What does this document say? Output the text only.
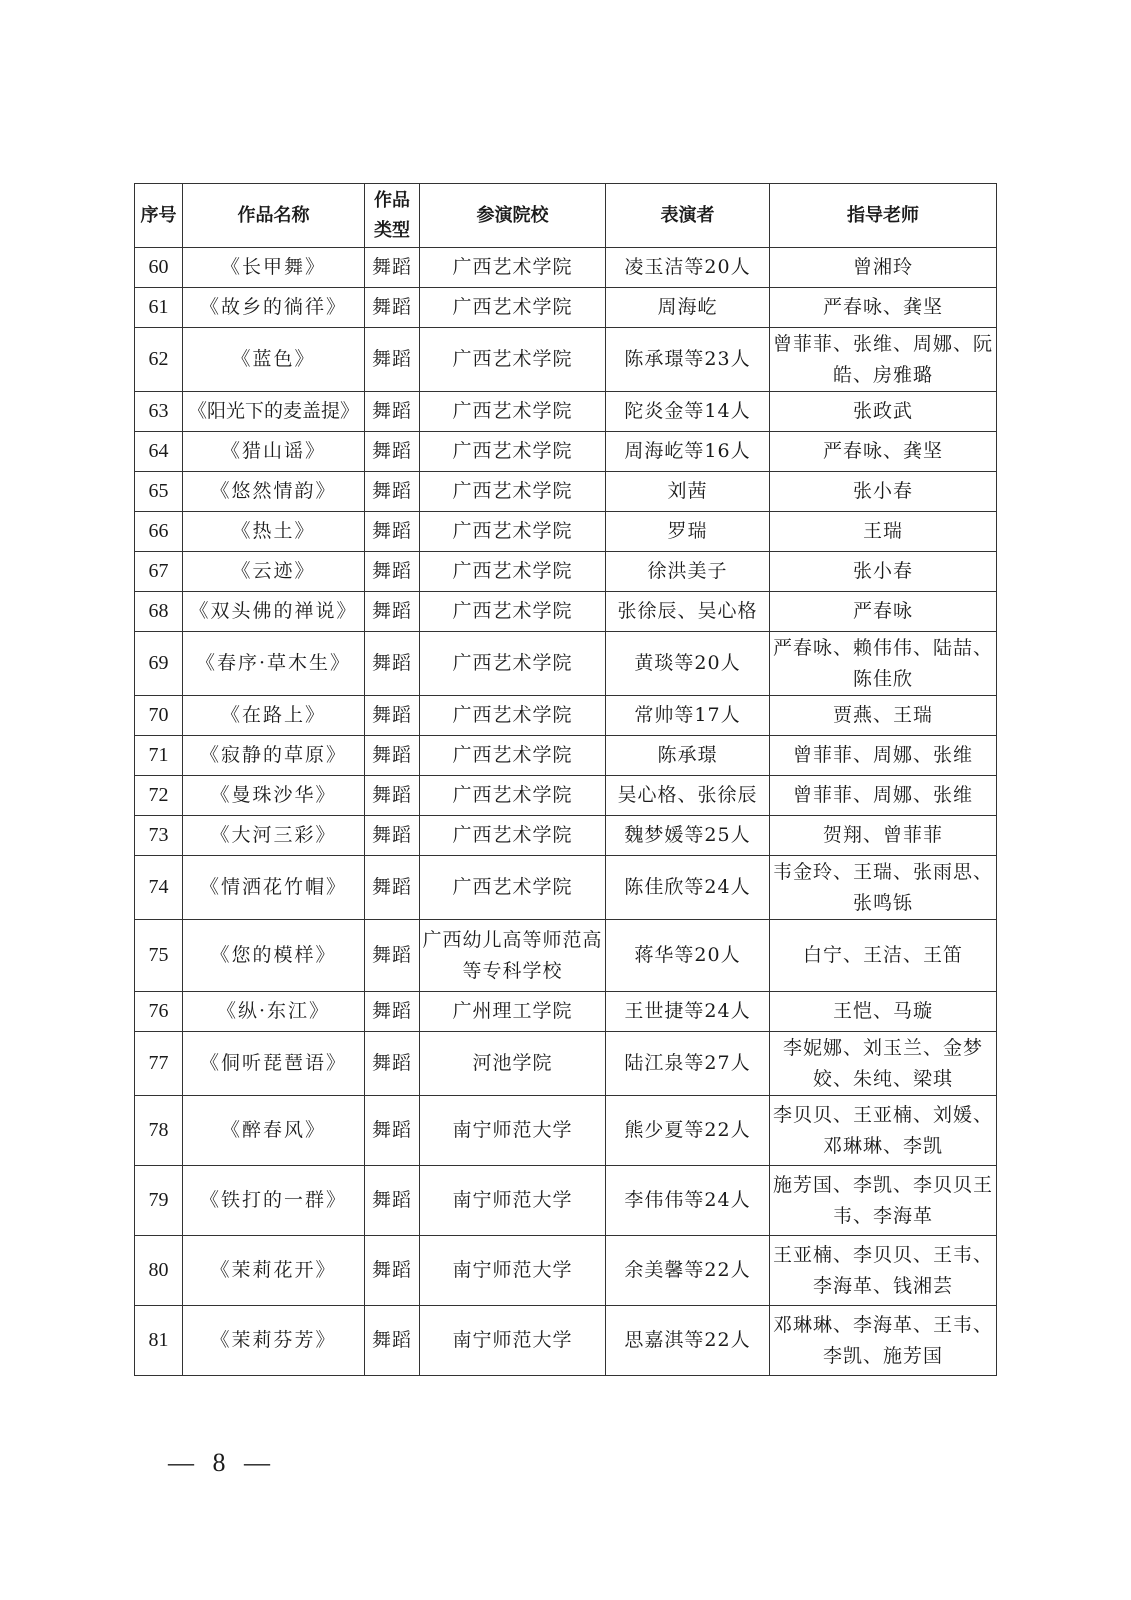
序号	作品名称	作品类型	参演院校	表演者	指导老师
60	《长甲舞》	舞蹈	广西艺术学院	凌玉洁等20人	曾湘玲
61	《故乡的徜徉》	舞蹈	广西艺术学院	周海屹	严春咏、龚坚
62	《蓝色》	舞蹈	广西艺术学院	陈承璟等23人	曾菲菲、张维、周娜、阮皓、房雅璐
63	《阳光下的麦盖提》	舞蹈	广西艺术学院	陀炎金等14人	张政武
64	《猎山谣》	舞蹈	广西艺术学院	周海屹等16人	严春咏、龚坚
65	《悠然情韵》	舞蹈	广西艺术学院	刘茜	张小春
66	《热土》	舞蹈	广西艺术学院	罗瑞	王瑞
67	《云迹》	舞蹈	广西艺术学院	徐洪美子	张小春
68	《双头佛的禅说》	舞蹈	广西艺术学院	张徐辰、吴心格	严春咏
69	《春序·草木生》	舞蹈	广西艺术学院	黄琰等20人	严春咏、赖伟伟、陆喆、陈佳欣
70	《在路上》	舞蹈	广西艺术学院	常帅等17人	贾燕、王瑞
71	《寂静的草原》	舞蹈	广西艺术学院	陈承璟	曾菲菲、周娜、张维
72	《曼珠沙华》	舞蹈	广西艺术学院	吴心格、张徐辰	曾菲菲、周娜、张维
73	《大河三彩》	舞蹈	广西艺术学院	魏梦媛等25人	贺翔、曾菲菲
74	《情洒花竹帽》	舞蹈	广西艺术学院	陈佳欣等24人	韦金玲、王瑞、张雨思、张鸣铄
75	《您的模样》	舞蹈	广西幼儿高等师范高等专科学校	蒋华等20人	白宁、王洁、王笛
76	《纵·东江》	舞蹈	广州理工学院	王世捷等24人	王恺、马璇
77	《侗听琵琶语》	舞蹈	河池学院	陆江泉等27人	李妮娜、刘玉兰、金梦姣、朱纯、梁琪
78	《醉春风》	舞蹈	南宁师范大学	熊少夏等22人	李贝贝、王亚楠、刘媛、邓琳琳、李凯
79	《铁打的一群》	舞蹈	南宁师范大学	李伟伟等24人	施芳国、李凯、李贝贝王韦、李海革
80	《茉莉花开》	舞蹈	南宁师范大学	余美馨等22人	王亚楠、李贝贝、王韦、李海革、钱湘芸
81	《茉莉芬芳》	舞蹈	南宁师范大学	思嘉淇等22人	邓琳琳、李海革、王韦、李凯、施芳国
— 8 —
